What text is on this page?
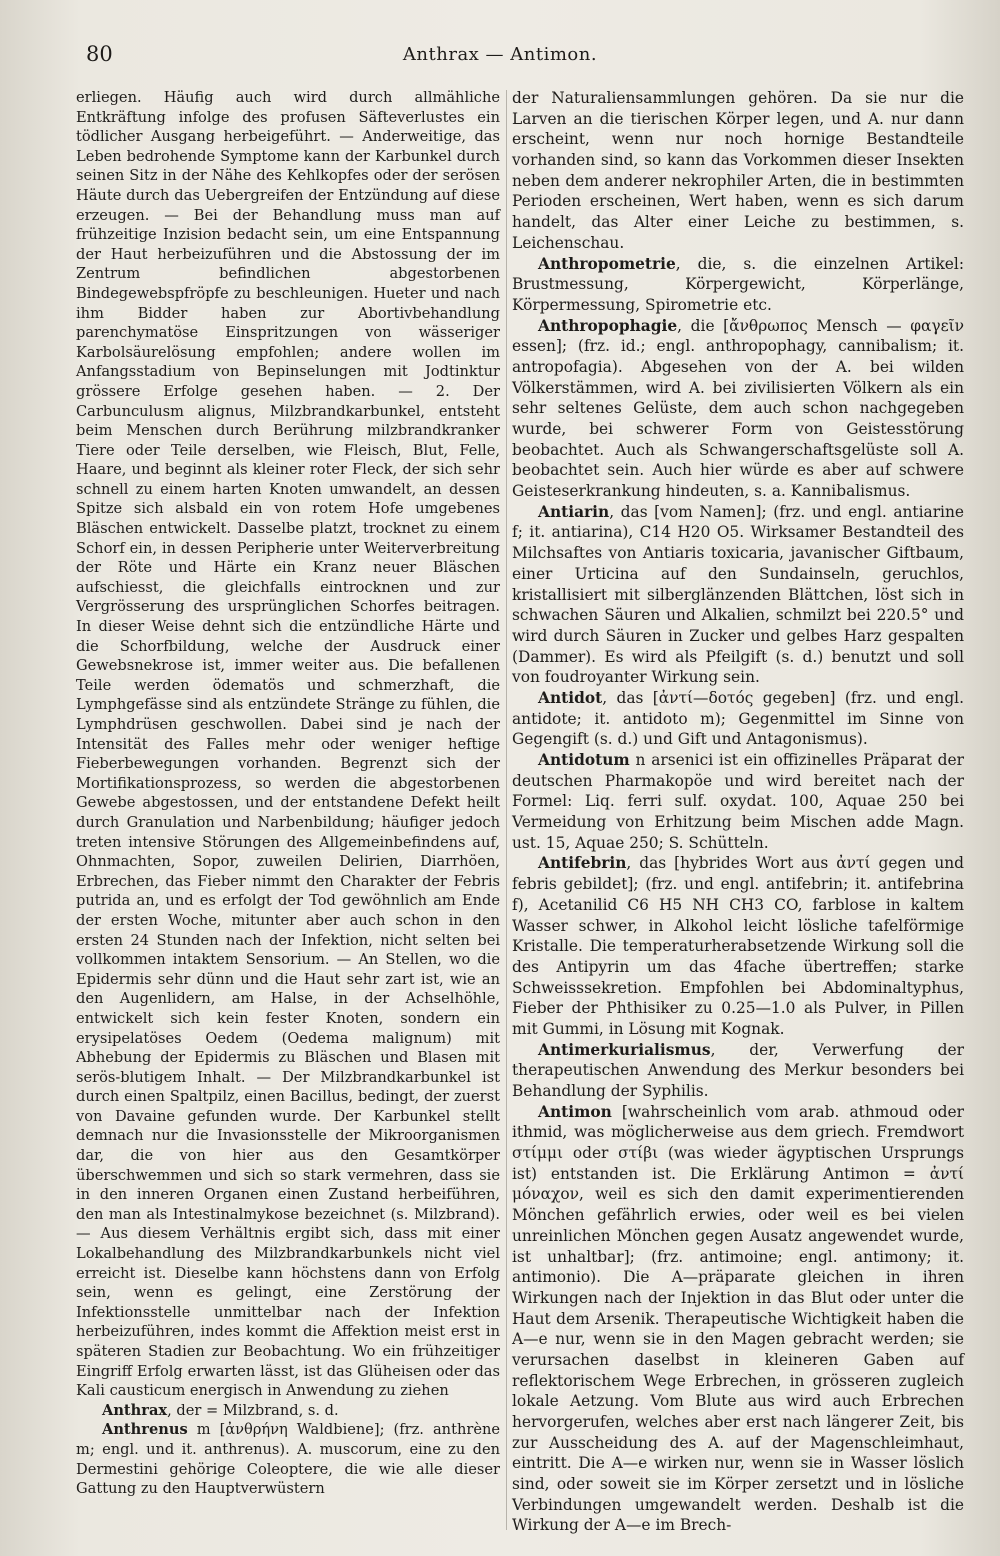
80	Anthrax — Antimon.

erliegen. Häufig auch wird durch allmähliche Entkräftung infolge des profusen Säfteverlustes ein tödlicher Ausgang herbeigeführt. — Anderweitige, das Leben bedrohende Symptome kann der Karbunkel durch seinen Sitz in der Nähe des Kehlkopfes oder der serösen Häute durch das Uebergreifen der Entzündung auf diese erzeugen. — Bei der Behandlung muss man auf frühzeitige Inzision bedacht sein, um eine Entspannung der Haut herbeizuführen und die Abstossung der im Zentrum befindlichen abgestorbenen Bindegewebspfröpfe zu beschleunigen. Hueter und nach ihm Bidder haben zur Abortivbehandlung parenchymatöse Einspritzungen von wässeriger Karbolsäurelösung empfohlen; andere wollen im Anfangsstadium von Bepinselungen mit Jodtinktur grössere Erfolge gesehen haben. — 2. Der Carbunculusm alignus, Milzbrandkarbunkel, entsteht beim Menschen durch Berührung milzbrandkranker Tiere oder Teile derselben, wie Fleisch, Blut, Felle, Haare, und beginnt als kleiner roter Fleck, der sich sehr schnell zu einem harten Knoten umwandelt, an dessen Spitze sich alsbald ein von rotem Hofe umgebenes Bläschen entwickelt. Dasselbe platzt, trocknet zu einem Schorf ein, in dessen Peripherie unter Weiterverbreitung der Röte und Härte ein Kranz neuer Bläschen aufschiesst, die gleichfalls eintrocknen und zur Vergrösserung des ursprünglichen Schorfes beitragen. In dieser Weise dehnt sich die entzündliche Härte und die Schorfbildung, welche der Ausdruck einer Gewebsnekrose ist, immer weiter aus. Die befallenen Teile werden ödematös und schmerzhaft, die Lymphgefässe sind als entzündete Stränge zu fühlen, die Lymphdrüsen geschwollen. Dabei sind je nach der Intensität des Falles mehr oder weniger heftige Fieberbewegungen vorhanden. Begrenzt sich der Mortifikationsprozess, so werden die abgestorbenen Gewebe abgestossen, und der entstandene Defekt heilt durch Granulation und Narbenbildung; häufiger jedoch treten intensive Störungen des Allgemeinbefindens auf, Ohnmachten, Sopor, zuweilen Delirien, Diarrhöen, Erbrechen, das Fieber nimmt den Charakter der Febris putrida an, und es erfolgt der Tod gewöhnlich am Ende der ersten Woche, mitunter aber auch schon in den ersten 24 Stunden nach der Infektion, nicht selten bei vollkommen intaktem Sensorium. — An Stellen, wo die Epidermis sehr dünn und die Haut sehr zart ist, wie an den Augenlidern, am Halse, in der Achselhöhle, entwickelt sich kein fester Knoten, sondern ein erysipelatöses Oedem (Oedema malignum) mit Abhebung der Epidermis zu Bläschen und Blasen mit serös-blutigem Inhalt. — Der Milzbrandkarbunkel ist durch einen Spaltpilz, einen Bacillus, bedingt, der zuerst von Davaine gefunden wurde. Der Karbunkel stellt demnach nur die Invasionsstelle der Mikroorganismen dar, die von hier aus den Gesamtkörper überschwemmen und sich so stark vermehren, dass sie in den inneren Organen einen Zustand herbeiführen, den man als Intestinalmykose bezeichnet (s. Milzbrand). — Aus diesem Verhältnis ergibt sich, dass mit einer Lokalbehandlung des Milzbrandkarbunkels nicht viel erreicht ist. Dieselbe kann höchstens dann von Erfolg sein, wenn es gelingt, eine Zerstörung der Infektionsstelle unmittelbar nach der Infektion herbeizuführen, indes kommt die Affektion meist erst in späteren Stadien zur Beobachtung. Wo ein frühzeitiger Eingriff Erfolg erwarten lässt, ist das Glüheisen oder das Kali causticum energisch in Anwendung zu ziehen

Anthrax, der = Milzbrand, s. d.

Anthrenus m [ἀνθρήνη Waldbiene]; (frz. anthrène m; engl. und it. anthrenus). A. muscorum, eine zu den Dermestini gehörige Coleoptere, die wie alle dieser Gattung zu den Hauptverwüstern

der Naturaliensammlungen gehören. Da sie nur die Larven an die tierischen Körper legen, und A. nur dann erscheint, wenn nur noch hornige Bestandteile vorhanden sind, so kann das Vorkommen dieser Insekten neben dem anderer nekrophiler Arten, die in bestimmten Perioden erscheinen, Wert haben, wenn es sich darum handelt, das Alter einer Leiche zu bestimmen, s. Leichenschau.

Anthropometrie, die, s. die einzelnen Artikel: Brustmessung, Körpergewicht, Körperlänge, Körpermessung, Spirometrie etc.

Anthropophagie, die [ἄνθρωπος Mensch — φαγεῖν essen]; (frz. id.; engl. anthropophagy, cannibalism; it. antropofagia). Abgesehen von der A. bei wilden Völkerstämmen, wird A. bei zivilisierten Völkern als ein sehr seltenes Gelüste, dem auch schon nachgegeben wurde, bei schwerer Form von Geistesstörung beobachtet. Auch als Schwangerschaftsgelüste soll A. beobachtet sein. Auch hier würde es aber auf schwere Geisteserkrankung hindeuten, s. a. Kannibalismus.

Antiarin, das [vom Namen]; (frz. und engl. antiarine f; it. antiarina), C14 H20 O5. Wirksamer Bestandteil des Milchsaftes von Antiaris toxicaria, javanischer Giftbaum, einer Urticina auf den Sundainseln, geruchlos, kristallisiert mit silberglänzenden Blättchen, löst sich in schwachen Säuren und Alkalien, schmilzt bei 220.5° und wird durch Säuren in Zucker und gelbes Harz gespalten (Dammer). Es wird als Pfeilgift (s. d.) benutzt und soll von foudroyanter Wirkung sein.

Antidot, das [ἀντί—δοτός gegeben] (frz. und engl. antidote; it. antidoto m); Gegenmittel im Sinne von Gegengift (s. d.) und Gift und Antagonismus).

Antidotum n arsenici ist ein offizinelles Präparat der deutschen Pharmakopöe und wird bereitet nach der Formel: Liq. ferri sulf. oxydat. 100, Aquae 250 bei Vermeidung von Erhitzung beim Mischen adde Magn. ust. 15, Aquae 250; S. Schütteln.

Antifebrin, das [hybrides Wort aus ἀντί gegen und febris gebildet]; (frz. und engl. antifebrin; it. antifebrina f), Acetanilid C6 H5 NH CH3 CO, farblose in kaltem Wasser schwer, in Alkohol leicht lösliche tafelförmige Kristalle. Die temperaturherabsetzende Wirkung soll die des Antipyrin um das 4fache übertreffen; starke Schweisssekretion. Empfohlen bei Abdominaltyphus, Fieber der Phthisiker zu 0.25—1.0 als Pulver, in Pillen mit Gummi, in Lösung mit Kognak.

Antimerkurialismus, der, Verwerfung der therapeutischen Anwendung des Merkur besonders bei Behandlung der Syphilis.

Antimon [wahrscheinlich vom arab. athmoud oder ithmid, was möglicherweise aus dem griech. Fremdwort στίμμι oder στίβι (was wieder ägyptischen Ursprungs ist) entstanden ist. Die Erklärung Antimon = ἀντί μόναχον, weil es sich den damit experimentierenden Mönchen gefährlich erwies, oder weil es bei vielen unreinlichen Mönchen gegen Ausatz angewendet wurde, ist unhaltbar]; (frz. antimoine; engl. antimony; it. antimonio). Die A—präparate gleichen in ihren Wirkungen nach der Injektion in das Blut oder unter die Haut dem Arsenik. Therapeutische Wichtigkeit haben die A—e nur, wenn sie in den Magen gebracht werden; sie verursachen daselbst in kleineren Gaben auf reflektorischem Wege Erbrechen, in grösseren zugleich lokale Aetzung. Vom Blute aus wird auch Erbrechen hervorgerufen, welches aber erst nach längerer Zeit, bis zur Ausscheidung des A. auf der Magenschleimhaut, eintritt. Die A—e wirken nur, wenn sie in Wasser löslich sind, oder soweit sie im Körper zersetzt und in lösliche Verbindungen umgewandelt werden. Deshalb ist die Wirkung der A—e im Brech-
